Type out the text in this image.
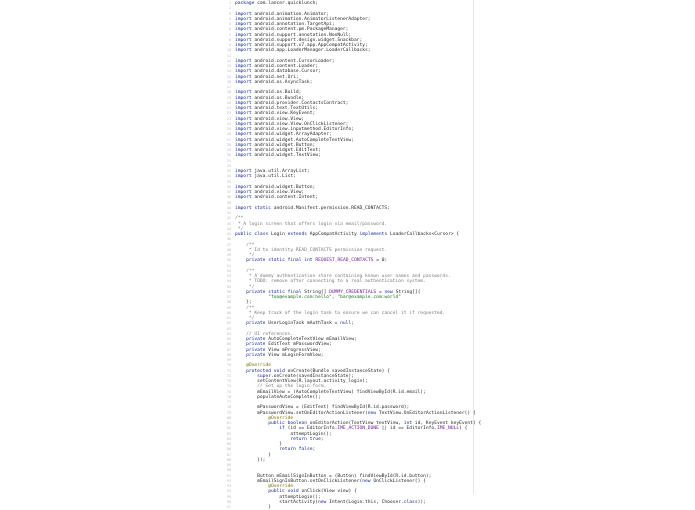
1
2
3
4
5
6
7
8
9
10
11
12
13
14
15
16
17
18
19
20
21
22
23
24
25
26
27
28
29
30
31
32
33
34
35
36
37
38
39
40
41
42
43
44
45
46
47
48
49
50
51
52
53
54
55
56
57
58
59
60
61
62
63
64
65
66
67
68
69
70
71
72
73
74
75
76
77
78
79
80
81
82
83
84
85
86
87
88
89
90
91
92
93
94
95
96
97
package com.lancer.quicklunch;
import android.animation.Animator;
import android.animation.AnimatorListenerAdapter;
import android.annotation.TargetApi;
import android.content.pm.PackageManager;
import android.support.annotation.NonNull;
import android.support.design.widget.Snackbar;
import android.support.v7.app.AppCompatActivity;
import android.app.LoaderManager.LoaderCallbacks;
import android.content.CursorLoader;
import android.content.Loader;
import android.database.Cursor;
import android.net.Uri;
import android.os.AsyncTask;
import android.os.Build;
import android.os.Bundle;
import android.provider.ContactsContract;
import android.text.TextUtils;
import android.view.KeyEvent;
import android.view.View;
import android.view.View.OnClickListener;
import android.view.inputmethod.EditorInfo;
import android.widget.ArrayAdapter;
import android.widget.AutoCompleteTextView;
import android.widget.Button;
import android.widget.EditText;
import android.widget.TextView;
import java.util.ArrayList;
import java.util.List;
import android.widget.Button;
import android.view.View;
import android.content.Intent;
import static android.Manifest.permission.READ_CONTACTS;
/**
* A login screen that offers login via email/password.
*/
public class Login extends AppCompatActivity implements LoaderCallbacks<Cursor> {
/**
* Id to identity READ_CONTACTS permission request.
*/
private static final int REQUEST_READ_CONTACTS = 0;
/**
* A dummy authentication store containing known user names and passwords.
* TODO: remove after connecting to a real authentication system.
*/
private static final String[] DUMMY_CREDENTIALS = new String[]{
"foo@example.com:hello", "bar@example.com:world"
};
/**
* Keep track of the login task to ensure we can cancel it if requested.
*/
private UserLoginTask mAuthTask = null;
// UI references.
private AutoCompleteTextView mEmailView;
private EditText mPasswordView;
private View mProgressView;
private View mLoginFormView;
@Override
protected void onCreate(Bundle savedInstanceState) {
super.onCreate(savedInstanceState);
setContentView(R.layout.activity_login);
// Set up the login form.
mEmailView = (AutoCompleteTextView) findViewById(R.id.email);
populateAutoComplete();
mPasswordView = (EditText) findViewById(R.id.password);
mPasswordView.setOnEditorActionListener(new TextView.OnEditorActionListener() {
@Override
public boolean onEditorAction(TextView textView, int id, KeyEvent keyEvent) {
if (id == EditorInfo.IME_ACTION_DONE || id == EditorInfo.IME_NULL) {
attemptLogin();
return true;
}
return false;
}
});
Button mEmailSignInButton = (Button) findViewById(R.id.button);
mEmailSignInButton.setOnClickListener(new OnClickListener() {
@Override
public void onClick(View view) {
attemptLogin();
startActivity(new Intent(Login.this, Chooser.class));
}
